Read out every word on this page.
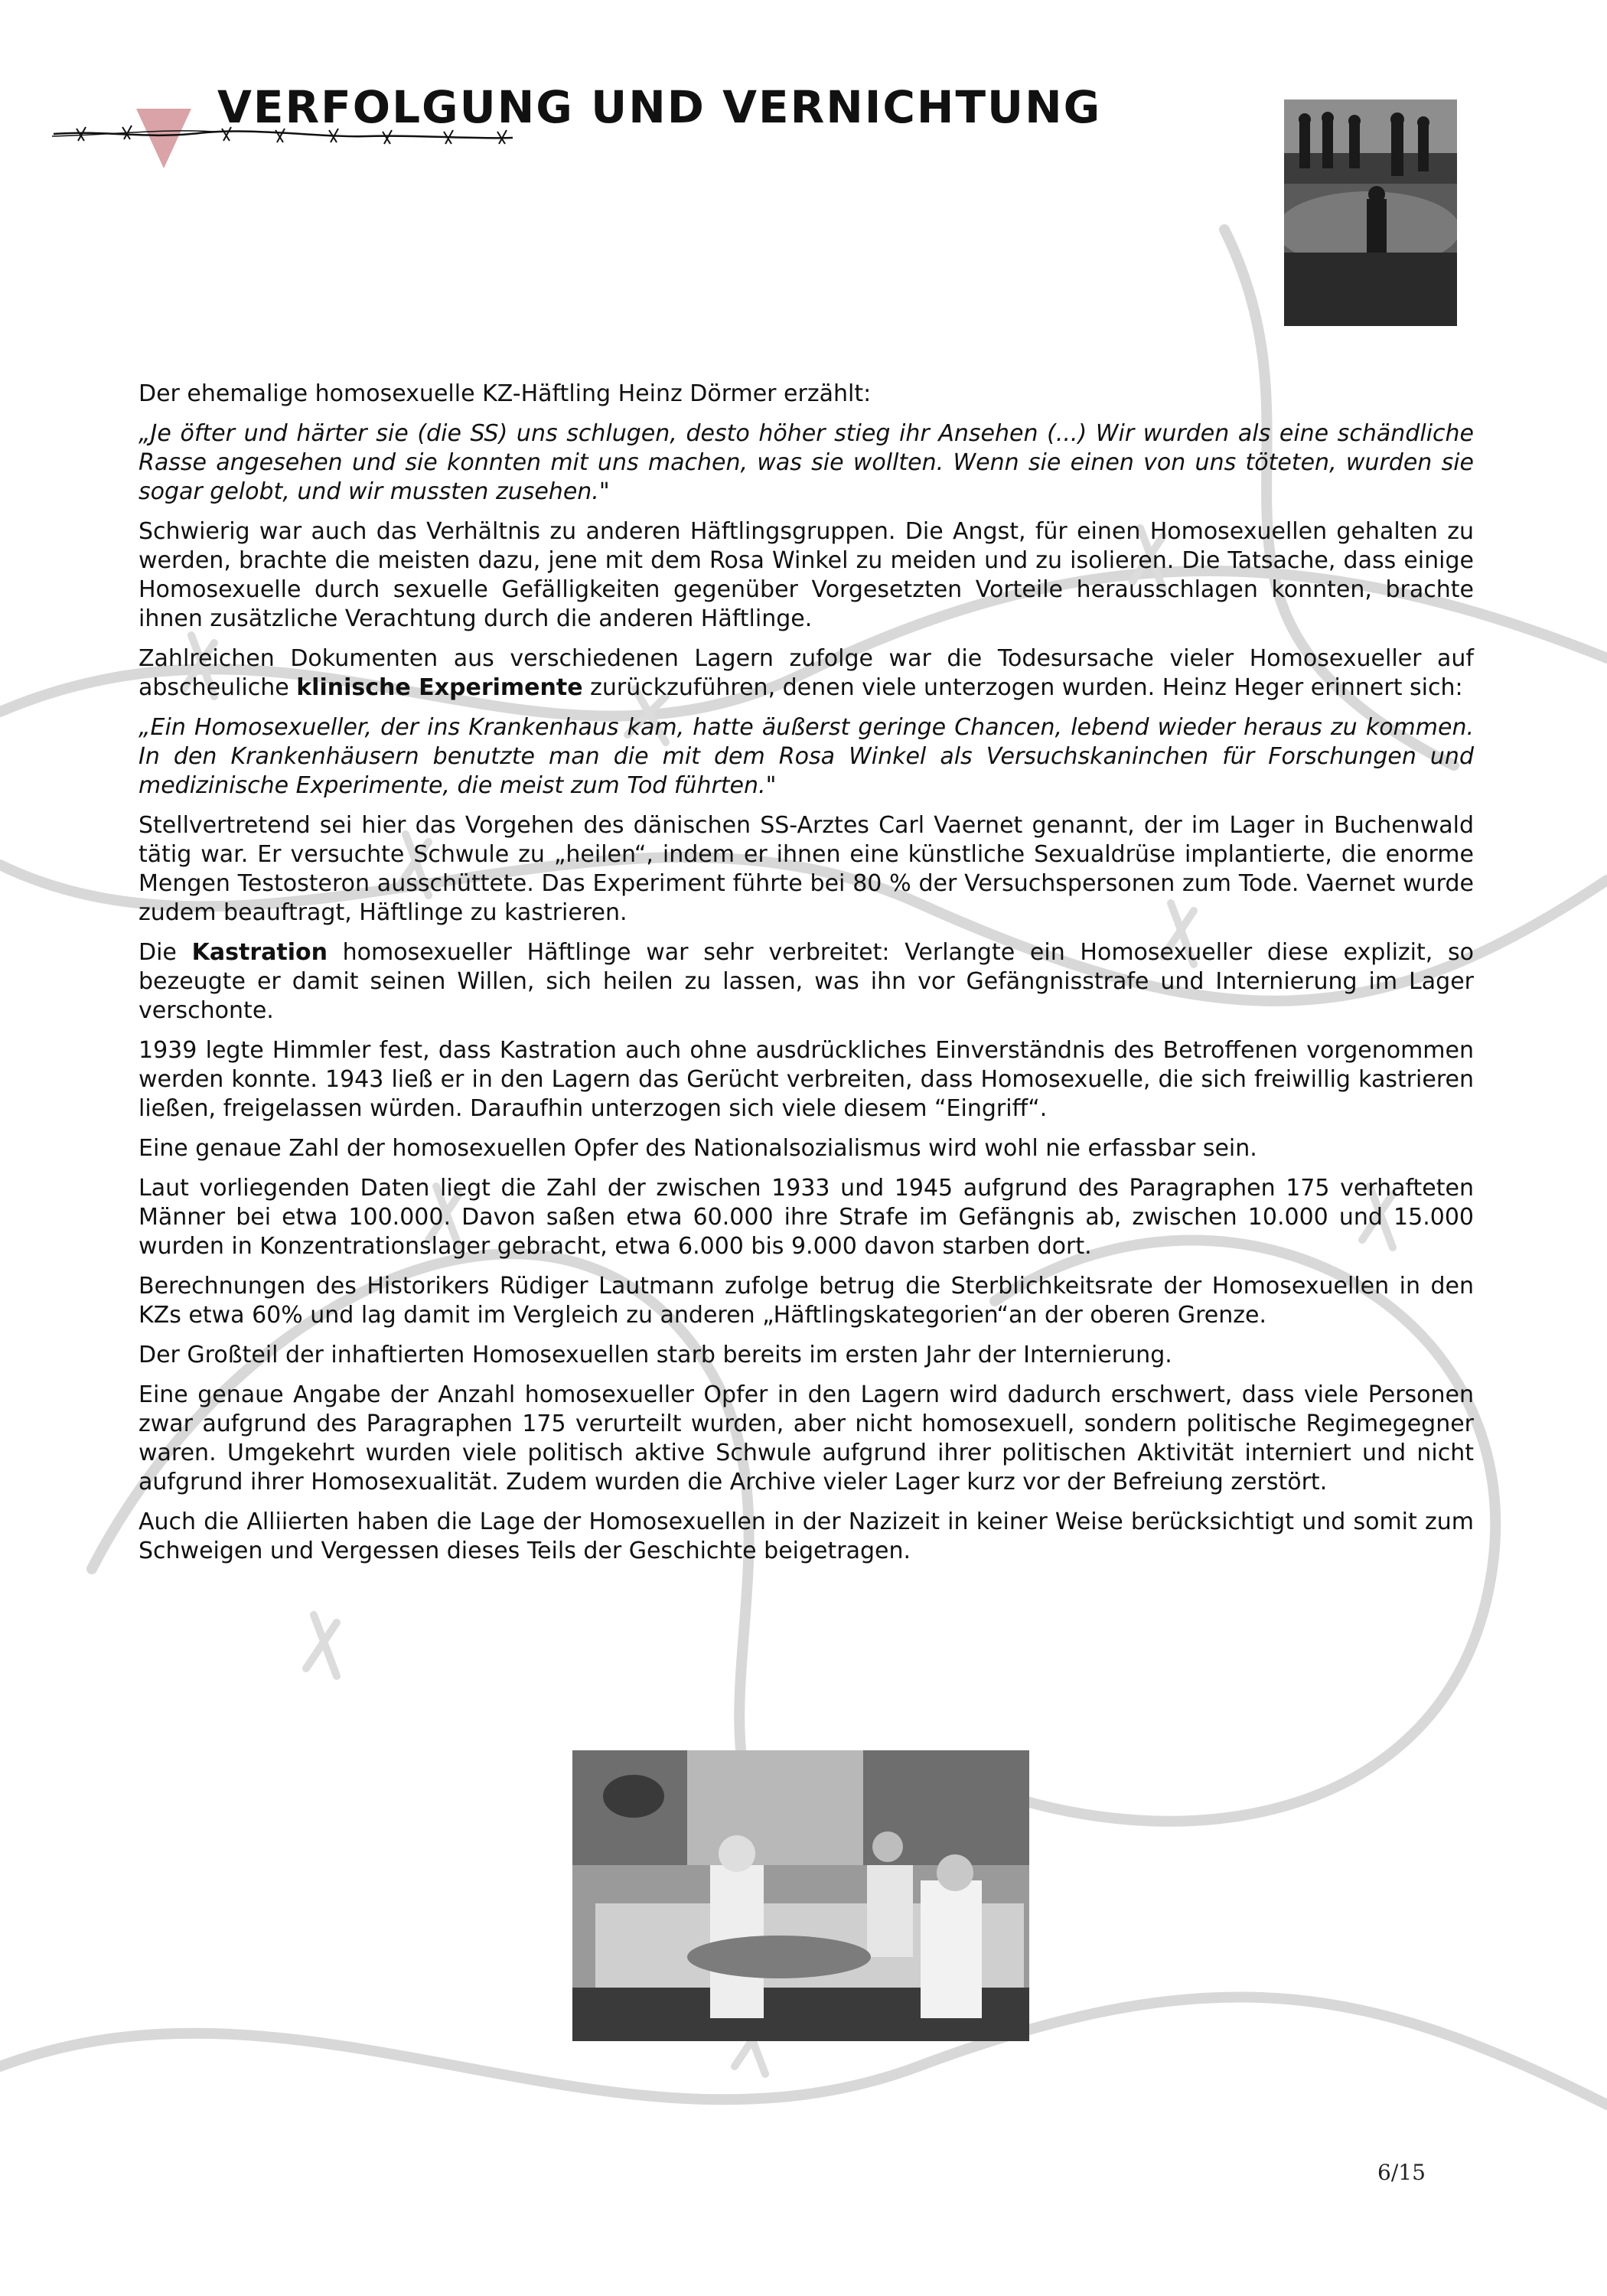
VERFOLGUNG UND VERNICHTUNG

Der ehemalige homosexuelle KZ-Häftling Heinz Dörmer erzählt:

„Je öfter und härter sie (die SS) uns schlugen, desto höher stieg ihr Ansehen (...) Wir wurden als eine schändliche Rasse angesehen und sie konnten mit uns machen, was sie wollten. Wenn sie einen von uns töteten, wurden sie sogar gelobt, und wir mussten zusehen."

Schwierig war auch das Verhältnis zu anderen Häftlingsgruppen. Die Angst, für einen Homosexuellen gehalten zu werden, brachte die meisten dazu, jene mit dem Rosa Winkel zu meiden und zu isolieren. Die Tatsache, dass einige Homosexuelle durch sexuelle Gefälligkeiten gegenüber Vorgesetzten Vorteile herausschlagen konnten, brachte ihnen zusätzliche Verachtung durch die anderen Häftlinge.

Zahlreichen Dokumenten aus verschiedenen Lagern zufolge war die Todesursache vieler Homosexueller auf abscheuliche klinische Experimente zurückzuführen, denen viele unterzogen wurden. Heinz Heger erinnert sich:

„Ein Homosexueller, der ins Krankenhaus kam, hatte äußerst geringe Chancen, lebend wieder heraus zu kommen. In den Krankenhäusern benutzte man die mit dem Rosa Winkel als Versuchskaninchen für Forschungen und medizinische Experimente, die meist zum Tod führten."

Stellvertretend sei hier das Vorgehen des dänischen SS-Arztes Carl Vaernet genannt, der im Lager in Buchenwald tätig war. Er versuchte Schwule zu „heilen“, indem er ihnen eine künstliche Sexualdrüse implantierte, die enorme Mengen Testosteron ausschüttete. Das Experiment führte bei 80 % der Versuchspersonen zum Tode. Vaernet wurde zudem beauftragt, Häftlinge zu kastrieren.

Die Kastration homosexueller Häftlinge war sehr verbreitet: Verlangte ein Homosexueller diese explizit, so bezeugte er damit seinen Willen, sich heilen zu lassen, was ihn vor Gefängnisstrafe und Internierung im Lager verschonte.

1939 legte Himmler fest, dass Kastration auch ohne ausdrückliches Einverständnis des Betroffenen vorgenommen werden konnte. 1943 ließ er in den Lagern das Gerücht verbreiten, dass Homosexuelle, die sich freiwillig kastrieren ließen, freigelassen würden. Daraufhin unterzogen sich viele diesem “Eingriff“.

Eine genaue Zahl der homosexuellen Opfer des Nationalsozialismus wird wohl nie erfassbar sein.

Laut vorliegenden Daten liegt die Zahl der zwischen 1933 und 1945 aufgrund des Paragraphen 175 verhafteten Männer bei etwa 100.000. Davon saßen etwa 60.000 ihre Strafe im Gefängnis ab, zwischen 10.000 und 15.000 wurden in Konzentrationslager gebracht, etwa 6.000 bis 9.000 davon starben dort.

Berechnungen des Historikers Rüdiger Lautmann zufolge betrug die Sterblichkeitsrate der Homosexuellen in den KZs etwa 60% und lag damit im Vergleich zu anderen „Häftlingskategorien“an der oberen Grenze.

Der Großteil der inhaftierten Homosexuellen starb bereits im ersten Jahr der Internierung.

Eine genaue Angabe der Anzahl homosexueller Opfer in den Lagern wird dadurch erschwert, dass viele Personen zwar aufgrund des Paragraphen 175 verurteilt wurden, aber nicht homosexuell, sondern politische Regimegegner waren. Umgekehrt wurden viele politisch aktive Schwule aufgrund ihrer politischen Aktivität interniert und nicht aufgrund ihrer Homosexualität. Zudem wurden die Archive vieler Lager kurz vor der Befreiung zerstört.

Auch die Alliierten haben die Lage der Homosexuellen in der Nazizeit in keiner Weise berücksichtigt und somit zum Schweigen und Vergessen dieses Teils der Geschichte beigetragen.

6/15
